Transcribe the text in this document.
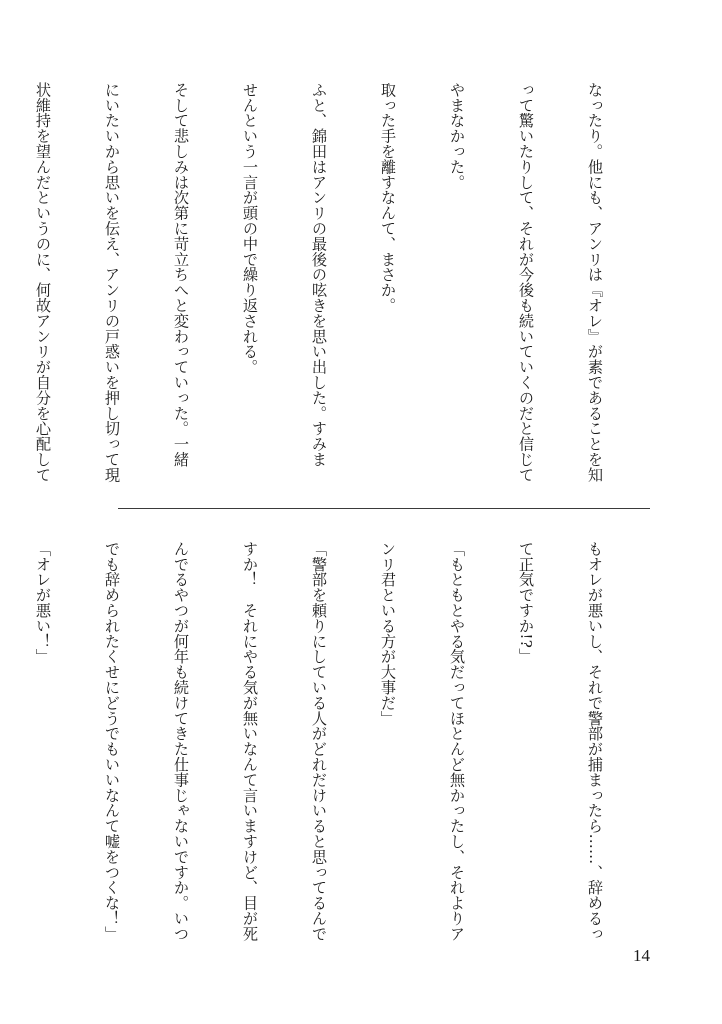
なったり。他にも、アンリは『オレ』が素であることを知

って驚いたりして、それが今後も続いていくのだと信じて

やまなかった。

取った手を離すなんて、まさか。

ふと、錦田はアンリの最後の呟きを思い出した。すみま

せんという一言が頭の中で繰り返される。

そして悲しみは次第に苛立ちへと変わっていった。一緒

にいたいから思いを伝え、アンリの戸惑いを押し切って現

状維持を望んだというのに、何故アンリが自分を心配して

もオレが悪いし、それで警部が捕まったら……、辞めるっ

て正気ですか!?」

「もともとやる気だってほとんど無かったし、それよりア

ンリ君といる方が大事だ」

「警部を頼りにしている人がどれだけいると思ってるんで

すか！　それにやる気が無いなんて言いますけど、目が死

んでるやつが何年も続けてきた仕事じゃないですか。いつ

でも辞められたくせにどうでもいいなんて嘘をつくな！」

「オレが悪い！」

14
